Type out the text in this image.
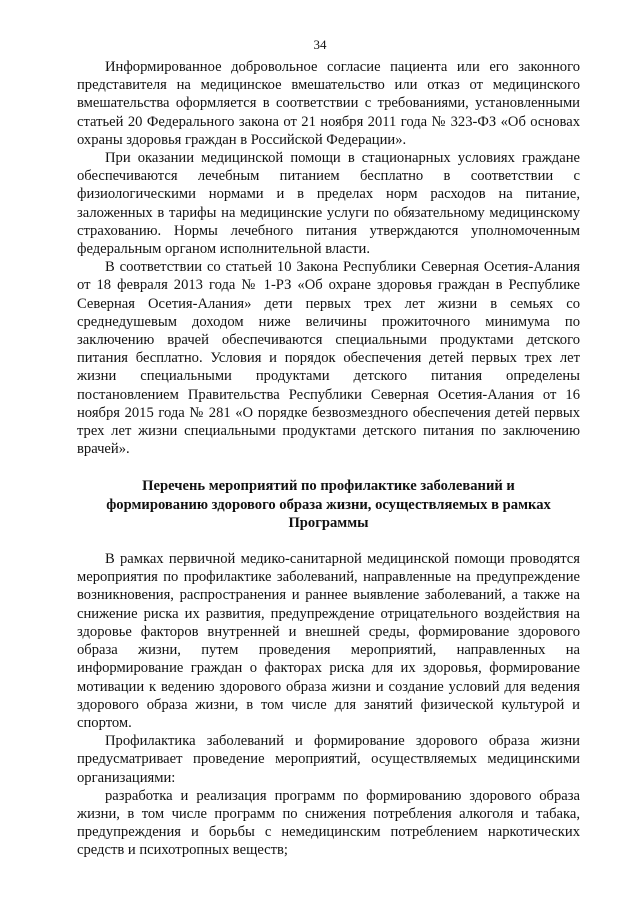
34

Информированное добровольное согласие пациента или его законного представителя на медицинское вмешательство или отказ от медицинского вмешательства оформляется в соответствии с требованиями, установленными статьей 20 Федерального закона от 21 ноября 2011 года № 323-ФЗ «Об основах охраны здоровья граждан в Российской Федерации».

При оказании медицинской помощи в стационарных условиях граждане обеспечиваются лечебным питанием бесплатно в соответствии с физиологическими нормами и в пределах норм расходов на питание, заложенных в тарифы на медицинские услуги по обязательному медицинскому страхованию. Нормы лечебного питания утверждаются уполномоченным федеральным органом исполнительной власти.

В соответствии со статьей 10 Закона Республики Северная Осетия-Алания от 18 февраля 2013 года № 1-РЗ «Об охране здоровья граждан в Республике Северная Осетия-Алания» дети первых трех лет жизни в семьях со среднедушевым доходом ниже величины прожиточного минимума по заключению врачей обеспечиваются специальными продуктами детского питания бесплатно. Условия и порядок обеспечения детей первых трех лет жизни специальными продуктами детского питания определены постановлением Правительства Республики Северная Осетия-Алания от 16 ноября 2015 года № 281 «О порядке безвозмездного обеспечения детей первых трех лет жизни специальными продуктами детского питания по заключению врачей».

Перечень мероприятий по профилактике заболеваний и
формированию здорового образа жизни, осуществляемых в рамках
Программы

В рамках первичной медико-санитарной медицинской помощи проводятся мероприятия по профилактике заболеваний, направленные на предупреждение возникновения, распространения и раннее выявление заболеваний, а также на снижение риска их развития, предупреждение отрицательного воздействия на здоровье факторов внутренней и внешней среды, формирование здорового образа жизни, путем проведения мероприятий, направленных на информирование граждан о факторах риска для их здоровья, формирование мотивации к ведению здорового образа жизни и создание условий для ведения здорового образа жизни, в том числе для занятий физической культурой и спортом.

Профилактика заболеваний и формирование здорового образа жизни предусматривает проведение мероприятий, осуществляемых медицинскими организациями:

разработка и реализация программ по формированию здорового образа жизни, в том числе программ по снижения потребления алкоголя и табака, предупреждения и борьбы с немедицинским потреблением наркотических средств и психотропных веществ;
